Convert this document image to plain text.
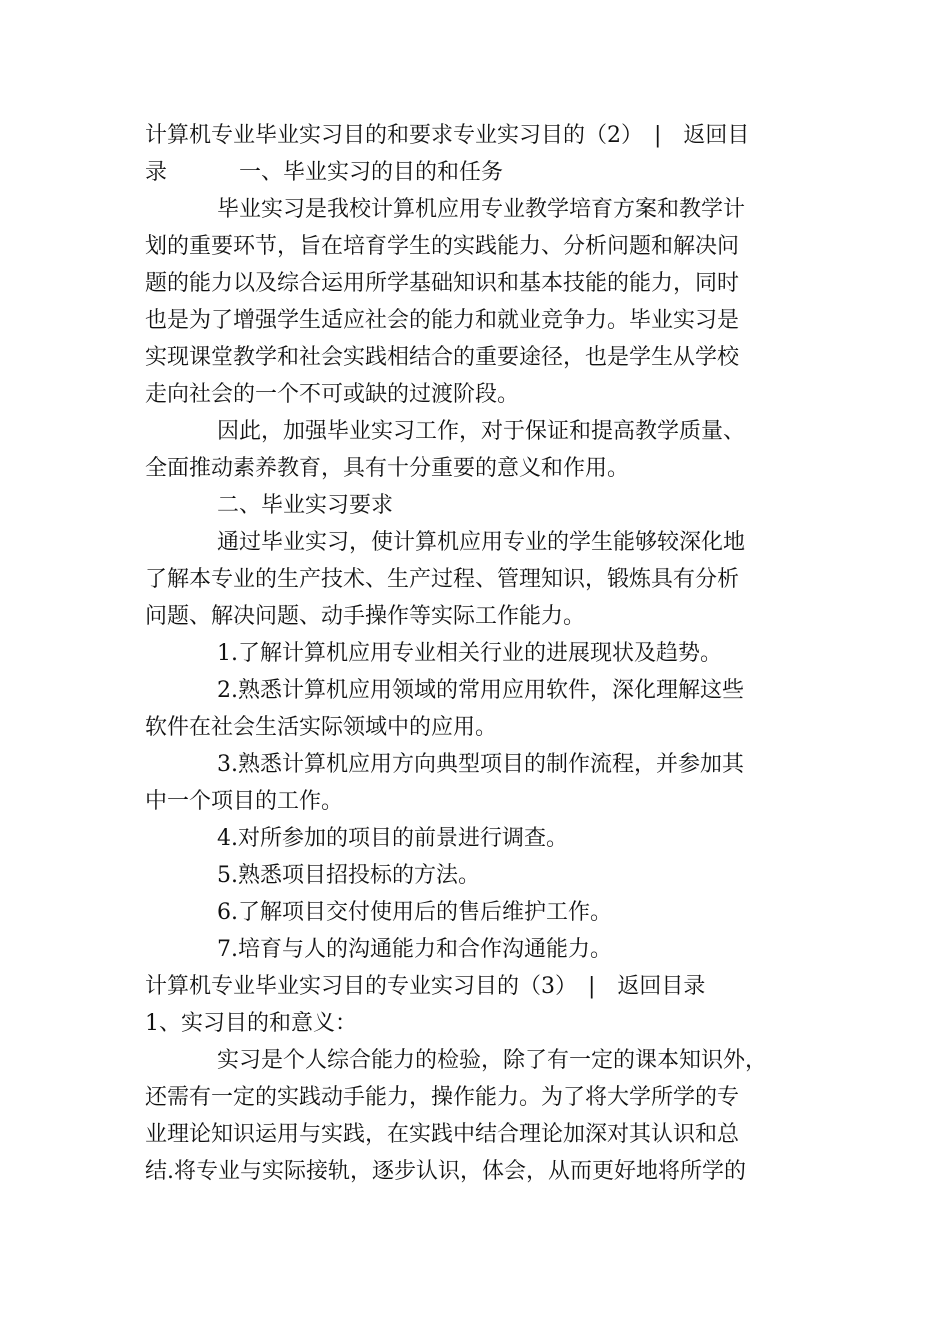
计算机专业毕业实习目的和要求专业实习目的（2）　|　返回目
录	一、毕业实习的目的和任务
毕业实习是我校计算机应用专业教学培育方案和教学计
划的重要环节，旨在培育学生的实践能力、分析问题和解决问
题的能力以及综合运用所学基础知识和基本技能的能力，同时
也是为了增强学生适应社会的能力和就业竞争力。毕业实习是
实现课堂教学和社会实践相结合的重要途径，也是学生从学校
走向社会的一个不可或缺的过渡阶段。
因此，加强毕业实习工作，对于保证和提高教学质量、
全面推动素养教育，具有十分重要的意义和作用。
二、毕业实习要求
通过毕业实习，使计算机应用专业的学生能够较深化地
了解本专业的生产技术、生产过程、管理知识，锻炼具有分析
问题、解决问题、动手操作等实际工作能力。
1.了解计算机应用专业相关行业的进展现状及趋势。
2.熟悉计算机应用领域的常用应用软件，深化理解这些
软件在社会生活实际领域中的应用。
3.熟悉计算机应用方向典型项目的制作流程，并参加其
中一个项目的工作。
4.对所参加的项目的前景进行调查。
5.熟悉项目招投标的方法。
6.了解项目交付使用后的售后维护工作。
7.培育与人的沟通能力和合作沟通能力。
计算机专业毕业实习目的专业实习目的（3）　|　返回目录
1、实习目的和意义：
实习是个人综合能力的检验，除了有一定的课本知识外，
还需有一定的实践动手能力，操作能力。为了将大学所学的专
业理论知识运用与实践，在实践中结合理论加深对其认识和总
结.将专业与实际接轨，逐步认识，体会，从而更好地将所学的
